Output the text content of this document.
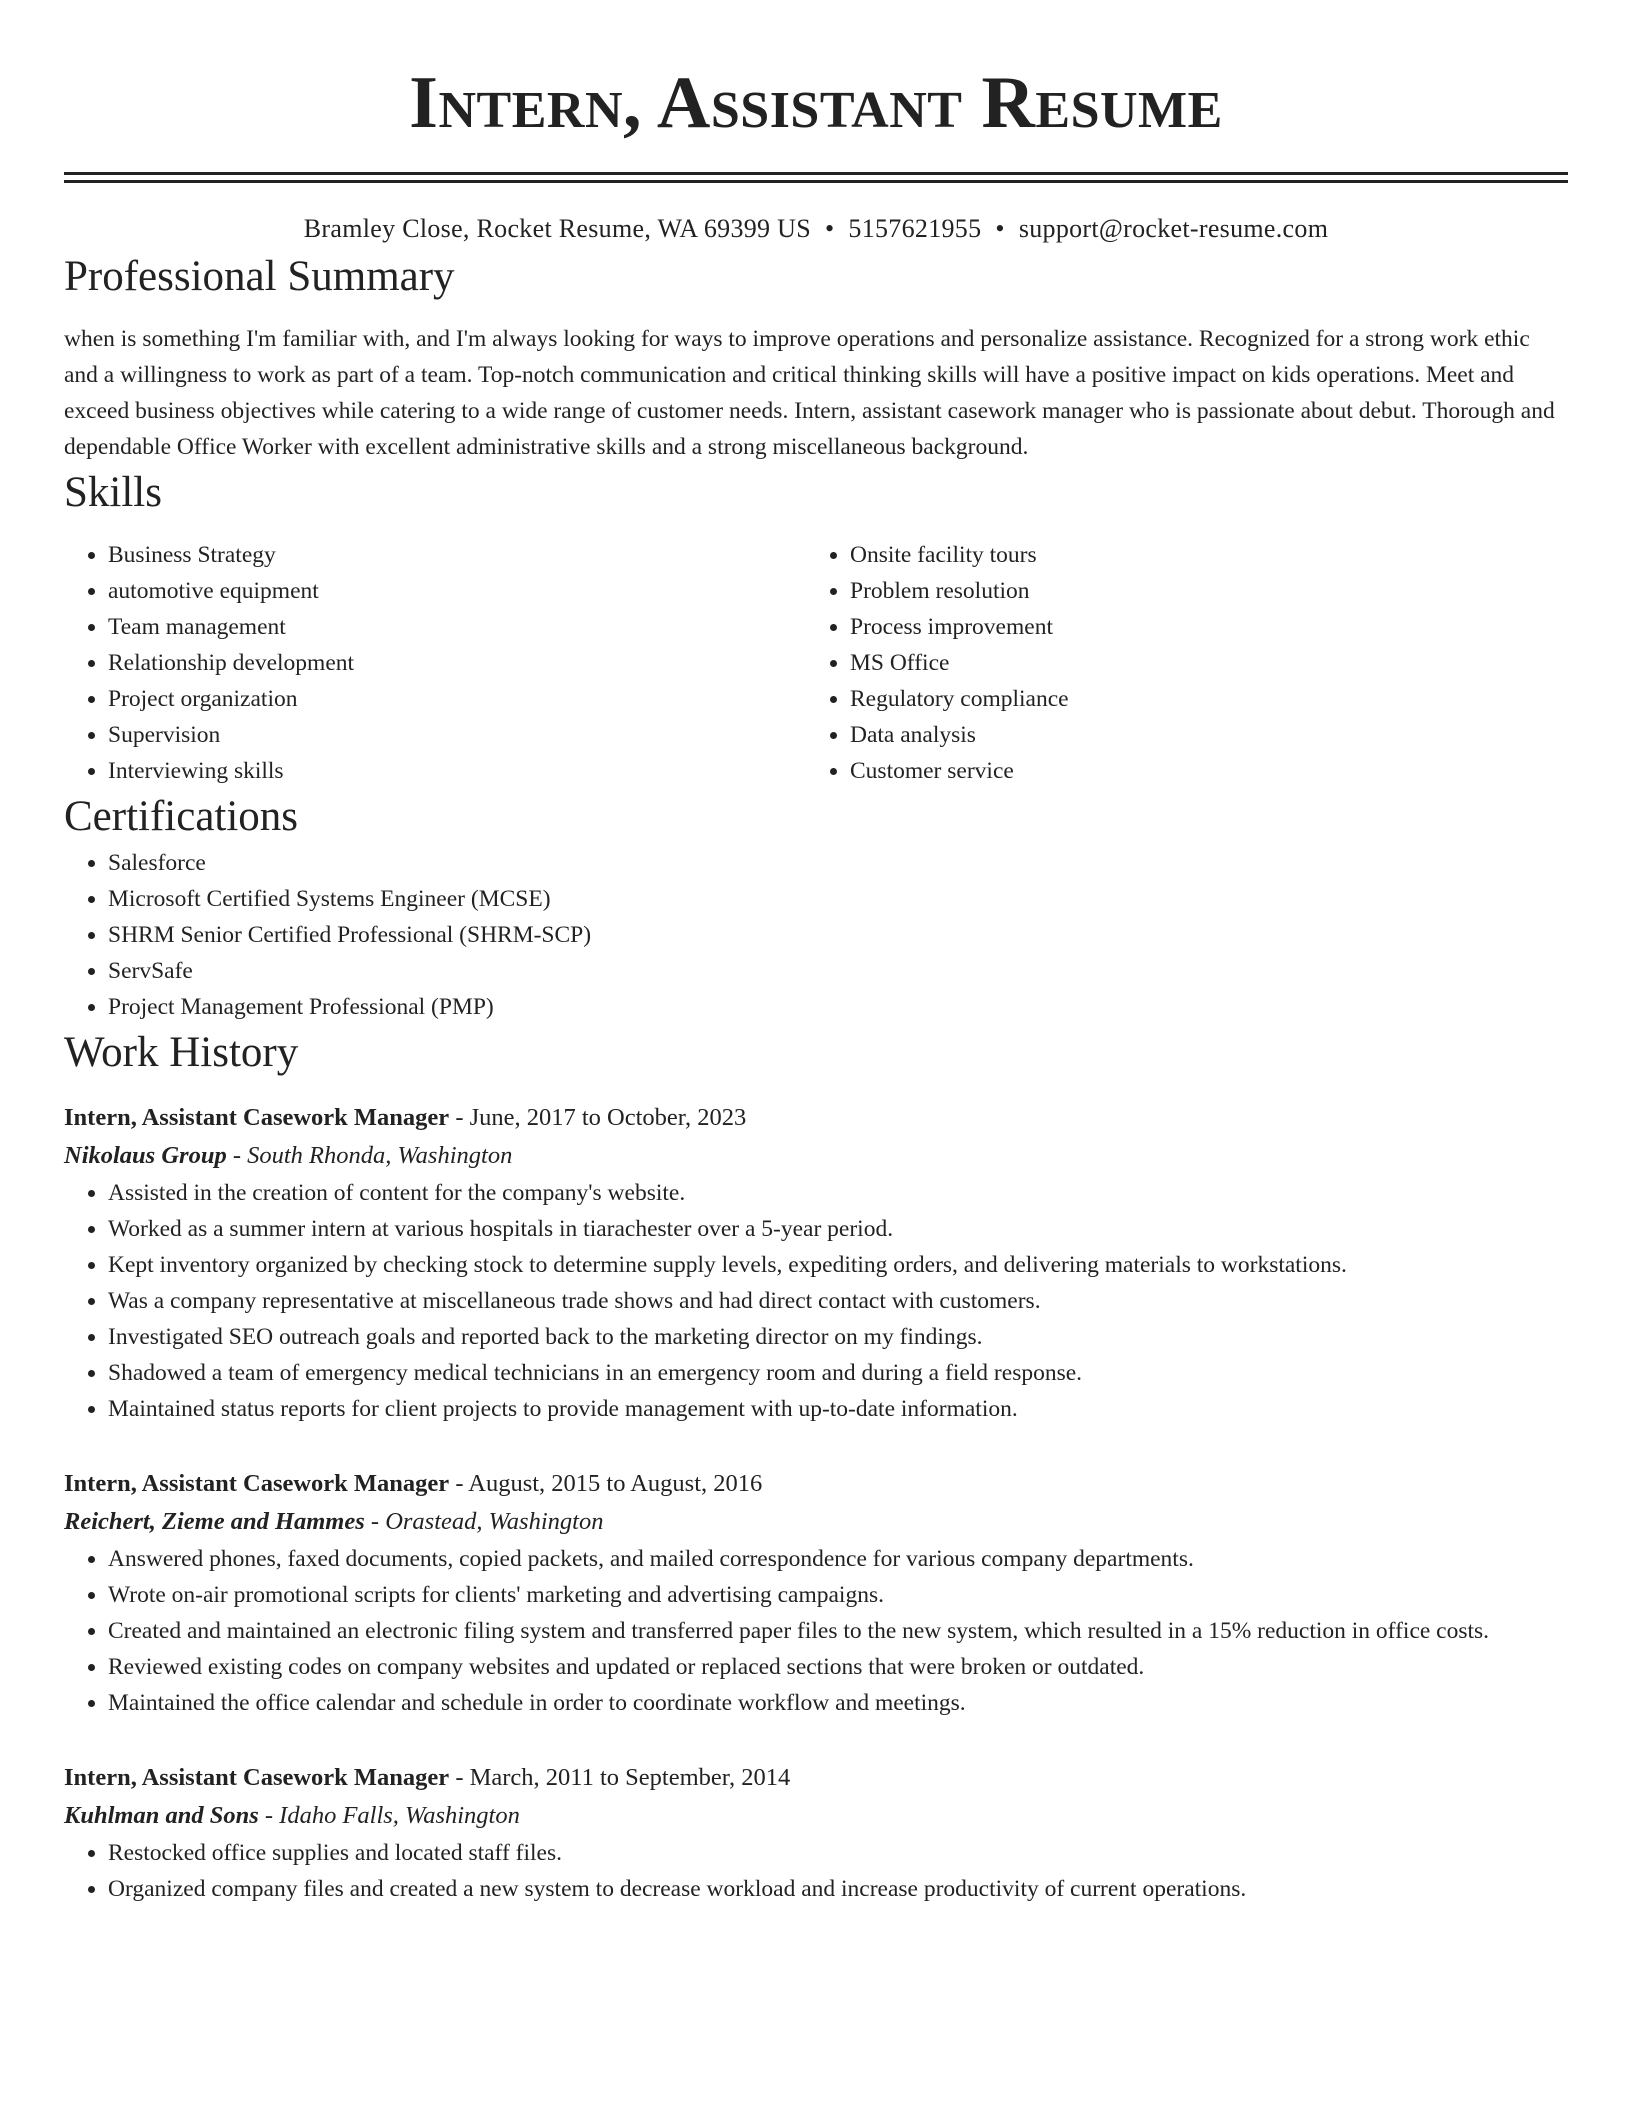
Intern, Assistant Resume
Bramley Close, Rocket Resume, WA 69399 US • 5157621955 • support@rocket-resume.com
Professional Summary

when is something I'm familiar with, and I'm always looking for ways to improve operations and personalize assistance. Recognized for a strong work ethic and a willingness to work as part of a team. Top-notch communication and critical thinking skills will have a positive impact on kids operations. Meet and exceed business objectives while catering to a wide range of customer needs. Intern, assistant casework manager who is passionate about debut. Thorough and dependable Office Worker with excellent administrative skills and a strong miscellaneous background.

Skills
• Business Strategy
• automotive equipment
• Team management
• Relationship development
• Project organization
• Supervision
• Interviewing skills
• Onsite facility tours
• Problem resolution
• Process improvement
• MS Office
• Regulatory compliance
• Data analysis
• Customer service
Certifications
• Salesforce
• Microsoft Certified Systems Engineer (MCSE)
• SHRM Senior Certified Professional (SHRM-SCP)
• ServSafe
• Project Management Professional (PMP)
Work History
Intern, Assistant Casework Manager - June, 2017 to October, 2023
Nikolaus Group - South Rhonda, Washington
• Assisted in the creation of content for the company's website.
• Worked as a summer intern at various hospitals in tiarachester over a 5-year period.
• Kept inventory organized by checking stock to determine supply levels, expediting orders, and delivering materials to workstations.
• Was a company representative at miscellaneous trade shows and had direct contact with customers.
• Investigated SEO outreach goals and reported back to the marketing director on my findings.
• Shadowed a team of emergency medical technicians in an emergency room and during a field response.
• Maintained status reports for client projects to provide management with up-to-date information.
Intern, Assistant Casework Manager - August, 2015 to August, 2016
Reichert, Zieme and Hammes - Orastead, Washington
• Answered phones, faxed documents, copied packets, and mailed correspondence for various company departments.
• Wrote on-air promotional scripts for clients' marketing and advertising campaigns.
• Created and maintained an electronic filing system and transferred paper files to the new system, which resulted in a 15% reduction in office costs.
• Reviewed existing codes on company websites and updated or replaced sections that were broken or outdated.
• Maintained the office calendar and schedule in order to coordinate workflow and meetings.
Intern, Assistant Casework Manager - March, 2011 to September, 2014
Kuhlman and Sons - Idaho Falls, Washington
• Restocked office supplies and located staff files.
• Organized company files and created a new system to decrease workload and increase productivity of current operations.
